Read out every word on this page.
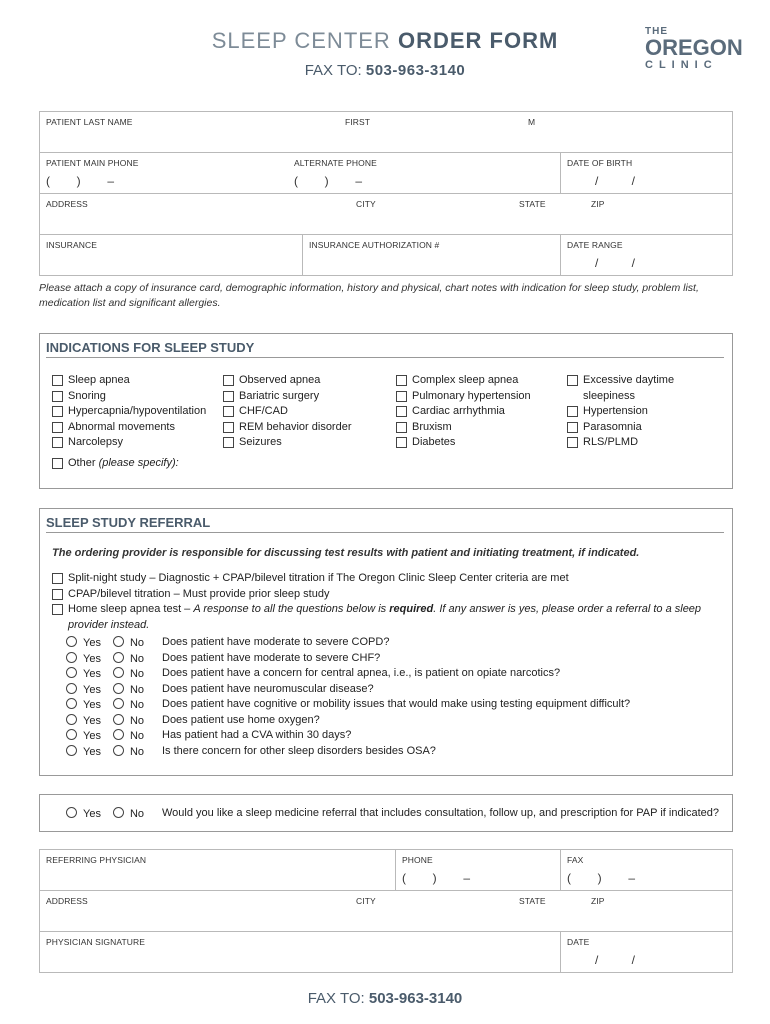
SLEEP CENTER ORDER FORM
FAX TO: 503-963-3140
THE
OREGON
CLINIC
PATIENT LAST NAME	FIRST	M
PATIENT MAIN PHONE
(        )        –
ALTERNATE PHONE
(        )        –
DATE OF BIRTH
/          /
ADDRESS	CITY	STATE	ZIP
INSURANCE	INSURANCE AUTHORIZATION #	DATE RANGE
/          /
Please attach a copy of insurance card, demographic information, history and physical, chart notes with indication for sleep study, problem list, medication list and significant allergies.
INDICATIONS FOR SLEEP STUDY
Sleep apnea
Snoring
Hypercapnia/hypoventilation
Abnormal movements
Narcolepsy
Observed apnea
Bariatric surgery
CHF/CAD
REM behavior disorder
Seizures
Complex sleep apnea
Pulmonary hypertension
Cardiac arrhythmia
Bruxism
Diabetes
Excessive daytime
sleepiness
Hypertension
Parasomnia
RLS/PLMD
Other (please specify):
SLEEP STUDY REFERRAL
The ordering provider is responsible for discussing test results with patient and initiating treatment, if indicated.
Split-night study – Diagnostic + CPAP/bilevel titration if The Oregon Clinic Sleep Center criteria are met
CPAP/bilevel titration – Must provide prior sleep study
Home sleep apnea test – A response to all the questions below is required. If any answer is yes, please order a referral to a sleep provider instead.
Yes	No Does patient have moderate to severe COPD?
Yes	No Does patient have moderate to severe CHF?
Yes	No Does patient have a concern for central apnea, i.e., is patient on opiate narcotics?
Yes	No Does patient have neuromuscular disease?
Yes	No Does patient have cognitive or mobility issues that would make using testing equipment difficult?
Yes	No Does patient use home oxygen?
Yes	No Has patient had a CVA within 30 days?
Yes	No Is there concern for other sleep disorders besides OSA?
Yes	No Would you like a sleep medicine referral that includes consultation, follow up, and prescription for PAP if indicated?
REFERRING PHYSICIAN	PHONE
(        )        –
FAX
(        )        –
ADDRESS	CITY	STATE	ZIP
PHYSICIAN SIGNATURE	DATE
/          /
FAX TO: 503-963-3140
